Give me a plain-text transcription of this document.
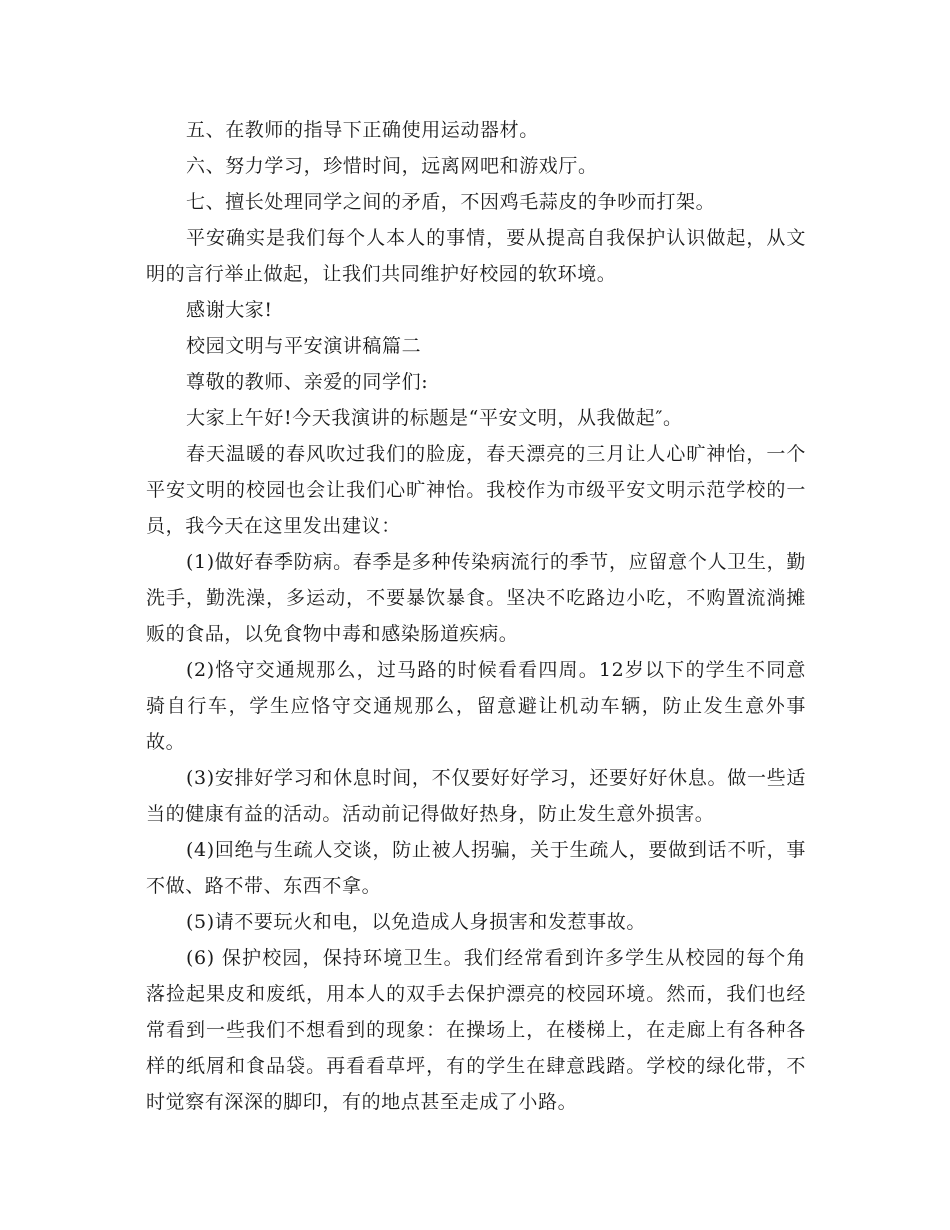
五、在教师的指导下正确使用运动器材。

六、努力学习，珍惜时间，远离网吧和游戏厅。

七、擅长处理同学之间的矛盾，不因鸡毛蒜皮的争吵而打架。

平安确实是我们每个人本人的事情，要从提高自我保护认识做起，从文明的言行举止做起，让我们共同维护好校园的软环境。

感谢大家!

校园文明与平安演讲稿篇二

尊敬的教师、亲爱的同学们:

大家上午好!今天我演讲的标题是“平安文明，从我做起″。

春天温暖的春风吹过我们的脸庞，春天漂亮的三月让人心旷神怡，一个平安文明的校园也会让我们心旷神怡。我校作为市级平安文明示范学校的一员，我今天在这里发出建议：

(1)做好春季防病。春季是多种传染病流行的季节，应留意个人卫生，勤洗手，勤洗澡，多运动，不要暴饮暴食。坚决不吃路边小吃，不购置流淌摊贩的食品，以免食物中毒和感染肠道疾病。

(2)恪守交通规那么，过马路的时候看看四周。12岁以下的学生不同意骑自行车，学生应恪守交通规那么，留意避让机动车辆，防止发生意外事故。

(3)安排好学习和休息时间，不仅要好好学习，还要好好休息。做一些适当的健康有益的活动。活动前记得做好热身，防止发生意外损害。

(4)回绝与生疏人交谈，防止被人拐骗，关于生疏人，要做到话不听，事不做、路不带、东西不拿。

(5)请不要玩火和电，以免造成人身损害和发惹事故。

(6) 保护校园，保持环境卫生。我们经常看到许多学生从校园的每个角落捡起果皮和废纸，用本人的双手去保护漂亮的校园环境。然而，我们也经常看到一些我们不想看到的现象：在操场上，在楼梯上，在走廊上有各种各样的纸屑和食品袋。再看看草坪，有的学生在肆意践踏。学校的绿化带，不时觉察有深深的脚印，有的地点甚至走成了小路。
